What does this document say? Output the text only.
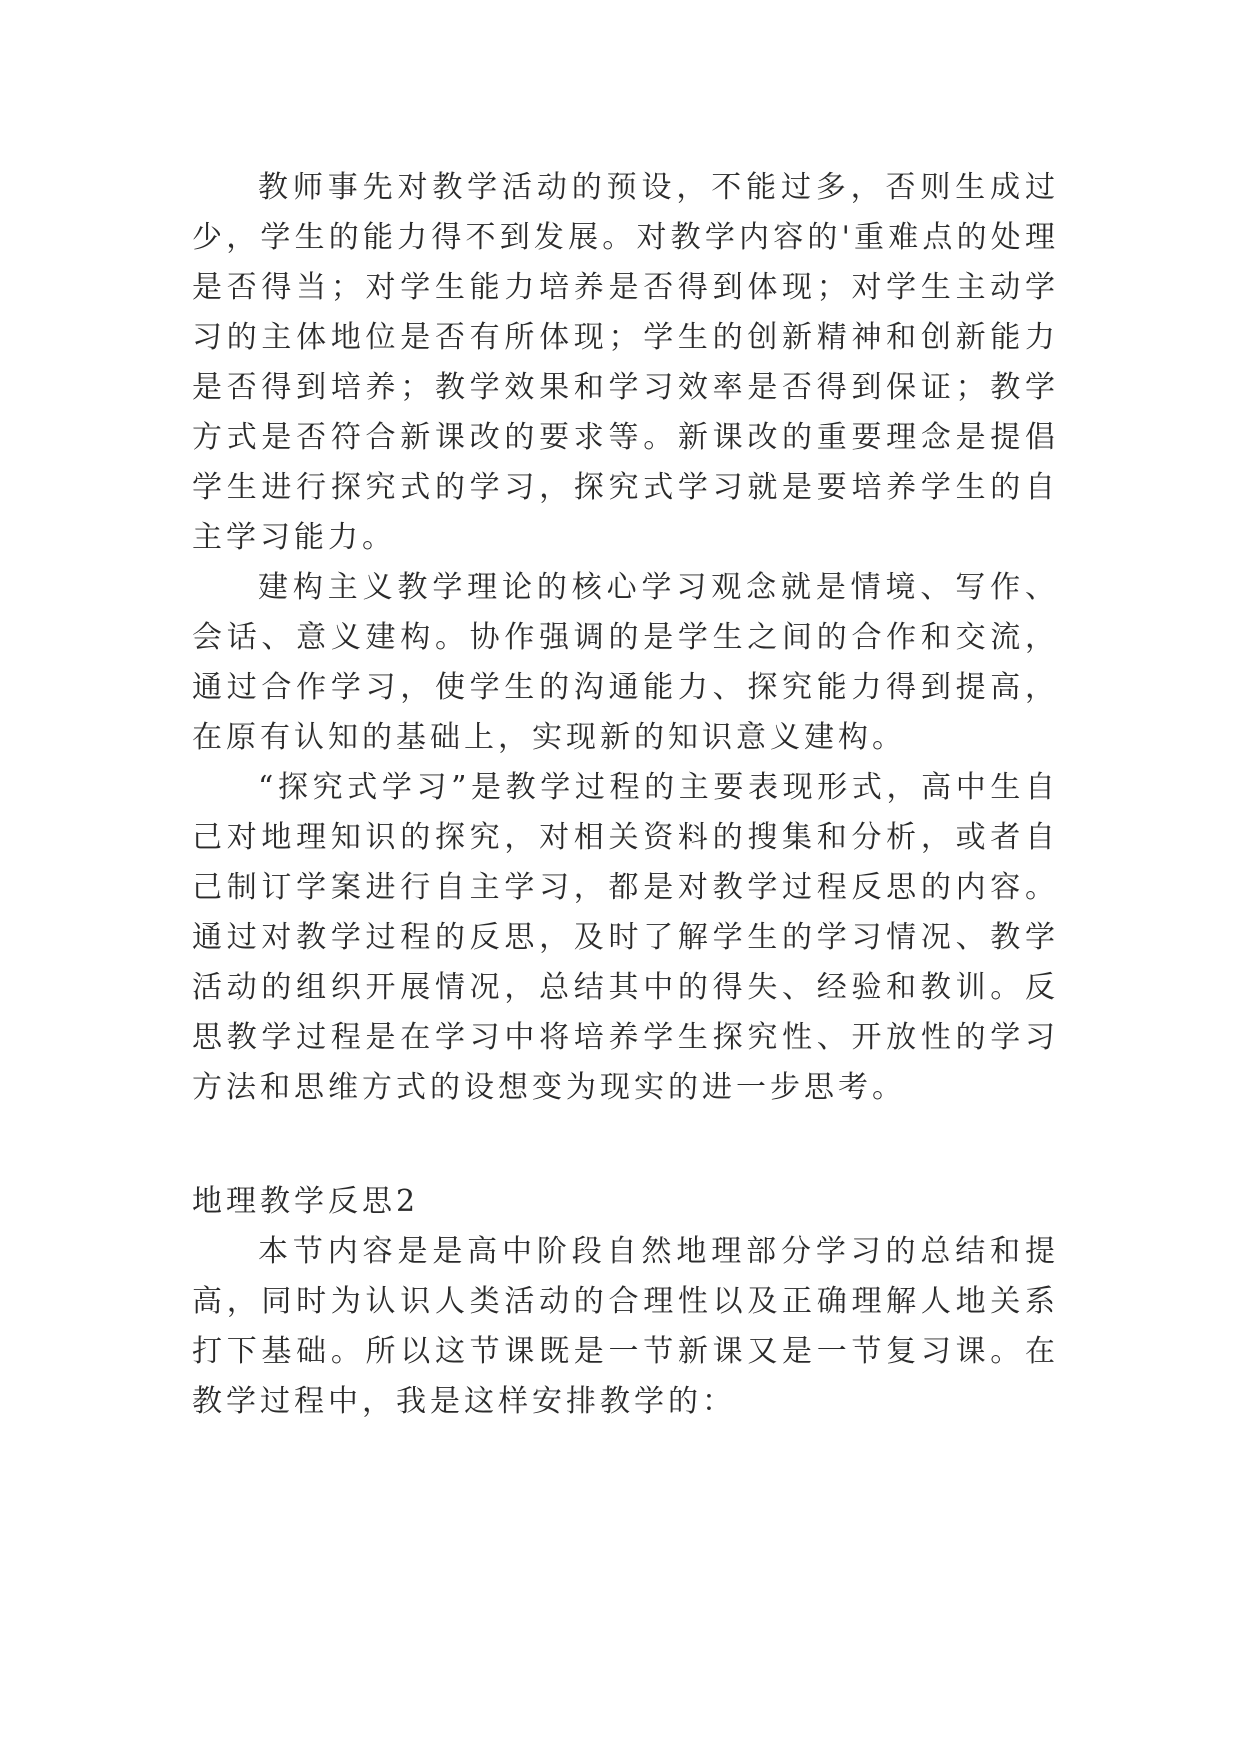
教师事先对教学活动的预设，不能过多，否则生成过少，学生的能力得不到发展。对教学内容的'重难点的处理是否得当；对学生能力培养是否得到体现；对学生主动学习的主体地位是否有所体现；学生的创新精神和创新能力是否得到培养；教学效果和学习效率是否得到保证；教学方式是否符合新课改的要求等。新课改的重要理念是提倡学生进行探究式的学习，探究式学习就是要培养学生的自主学习能力。

建构主义教学理论的核心学习观念就是情境、写作、会话、意义建构。协作强调的是学生之间的合作和交流，通过合作学习，使学生的沟通能力、探究能力得到提高，在原有认知的基础上，实现新的知识意义建构。

“探究式学习”是教学过程的主要表现形式，高中生自己对地理知识的探究，对相关资料的搜集和分析，或者自己制订学案进行自主学习，都是对教学过程反思的内容。通过对教学过程的反思，及时了解学生的学习情况、教学活动的组织开展情况，总结其中的得失、经验和教训。反思教学过程是在学习中将培养学生探究性、开放性的学习方法和思维方式的设想变为现实的进一步思考。

地理教学反思2

本节内容是是高中阶段自然地理部分学习的总结和提高，同时为认识人类活动的合理性以及正确理解人地关系打下基础。所以这节课既是一节新课又是一节复习课。在教学过程中，我是这样安排教学的：
